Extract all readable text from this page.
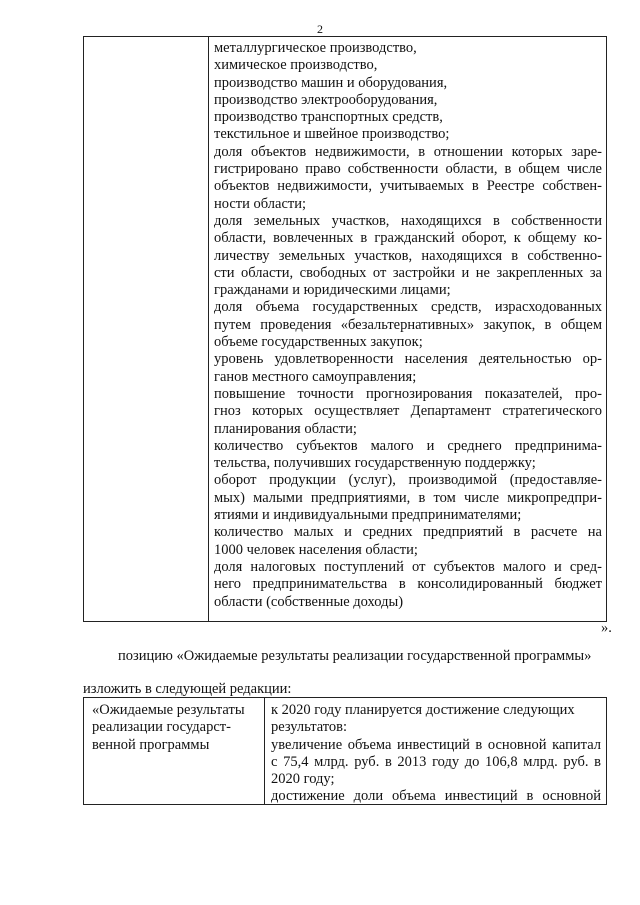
2
металлургическое производство,
химическое производство,
производство машин и оборудования,
производство электрооборудования,
производство транспортных средств,
текстильное и швейное производство;
доля объектов недвижимости, в отношении которых заре-
гистрировано право собственности области, в общем числе
объектов недвижимости, учитываемых в Реестре собствен-
ности области;
доля земельных участков, находящихся в собственности
области, вовлеченных в гражданский оборот, к общему ко-
личеству земельных участков, находящихся в собственно-
сти области, свободных от застройки и не закрепленных за
гражданами и юридическими лицами;
доля объема государственных средств, израсходованных
путем проведения «безальтернативных» закупок, в общем
объеме государственных закупок;
уровень удовлетворенности населения деятельностью ор-
ганов местного самоуправления;
повышение точности прогнозирования показателей, про-
гноз которых осуществляет Департамент стратегического
планирования области;
количество субъектов малого и среднего предпринима-
тельства, получивших государственную поддержку;
оборот продукции (услуг), производимой (предоставляе-
мых) малыми предприятиями, в том числе микропредпри-
ятиями и индивидуальными предпринимателями;
количество малых и средних предприятий в расчете на
1000 человек населения области;
доля налоговых поступлений от субъектов малого и сред-
него предпринимательства в консолидированный бюджет
области (собственные доходы)
».
позицию «Ожидаемые результаты реализации государственной программы»
изложить в следующей редакции:
«Ожидаемые результаты
реализации государст-
венной программы
к 2020 году планируется достижение следующих
результатов:
увеличение объема инвестиций в основной капитал
с 75,4 млрд. руб. в 2013 году до 106,8 млрд. руб. в
2020 году;
достижение доли объема инвестиций в основной
